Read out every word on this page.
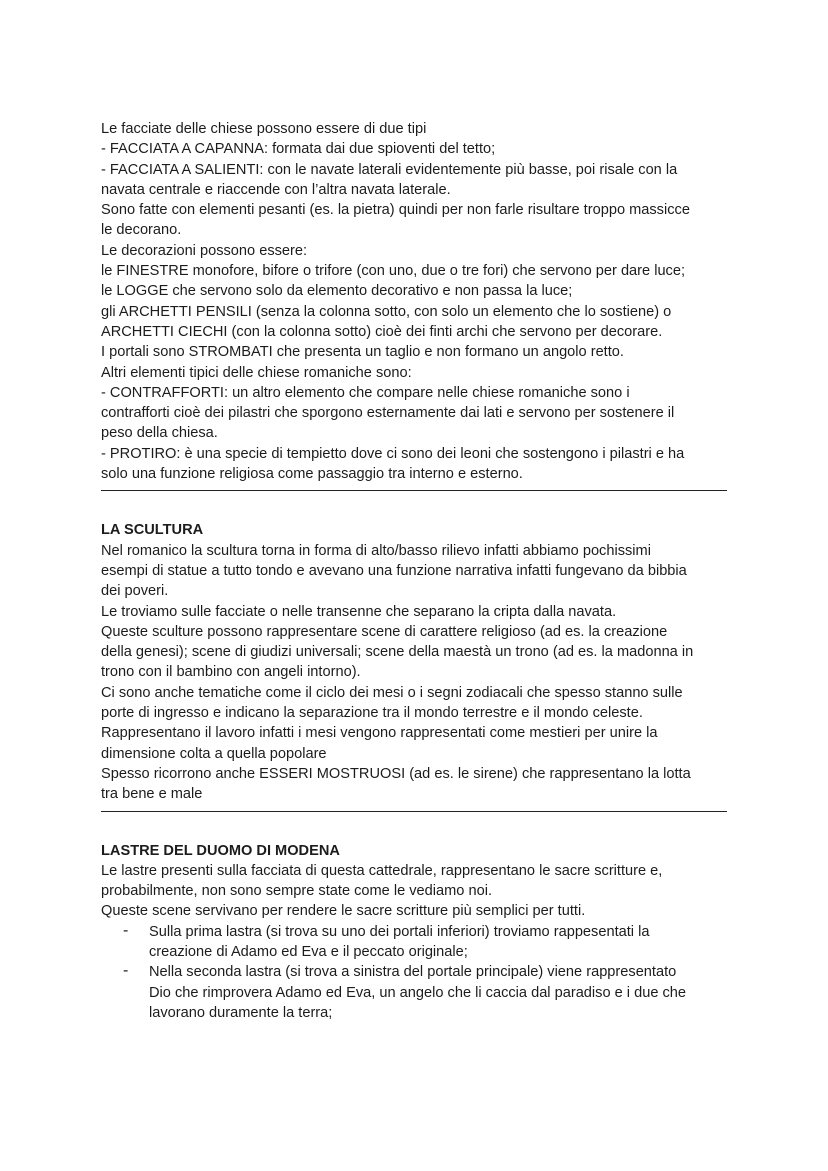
Le facciate delle chiese possono essere di due tipi
- FACCIATA A CAPANNA: formata dai due spioventi del tetto;
- FACCIATA A SALIENTI: con le navate laterali evidentemente più basse, poi risale con la
navata centrale e riaccende con l’altra navata laterale.
Sono fatte con elementi pesanti (es. la pietra) quindi per non farle risultare troppo massicce
le decorano.
Le decorazioni possono essere:
le FINESTRE monofore, bifore o trifore (con uno, due o tre fori) che servono per dare luce;
le LOGGE che servono solo da elemento decorativo e non passa la luce;
gli ARCHETTI PENSILI (senza la colonna sotto, con solo un elemento che lo sostiene) o
ARCHETTI CIECHI (con la colonna sotto) cioè dei finti archi che servono per decorare.
I portali sono STROMBATI che presenta un taglio e non formano un angolo retto.
Altri elementi tipici delle chiese romaniche sono:
- CONTRAFFORTI: un altro elemento che compare nelle chiese romaniche sono i
contrafforti cioè dei pilastri che sporgono esternamente dai lati e servono per sostenere il
peso della chiesa.
- PROTIRO: è una specie di tempietto dove ci sono dei leoni che sostengono i pilastri e ha
solo una funzione religiosa come passaggio tra interno e esterno.
LA SCULTURA
Nel romanico la scultura torna in forma di alto/basso rilievo infatti abbiamo pochissimi
esempi di statue a tutto tondo e avevano una funzione narrativa infatti fungevano da bibbia
dei poveri.
Le troviamo sulle facciate o nelle transenne che separano la cripta dalla navata.
Queste sculture possono rappresentare scene di carattere religioso (ad es. la creazione
della genesi); scene di giudizi universali; scene della maestà un trono (ad es. la madonna in
trono con il bambino con angeli intorno).
Ci sono anche tematiche come il ciclo dei mesi o i segni zodiacali che spesso stanno sulle
porte di ingresso e indicano la separazione tra il mondo terrestre e il mondo celeste.
Rappresentano il lavoro infatti i mesi vengono rappresentati come mestieri per unire la
dimensione colta a quella popolare
Spesso ricorrono anche ESSERI MOSTRUOSI (ad es. le sirene) che rappresentano la lotta
tra bene e male
LASTRE DEL DUOMO DI MODENA
Le lastre presenti sulla facciata di questa cattedrale, rappresentano le sacre scritture e,
probabilmente, non sono sempre state come le vediamo noi.
Queste scene servivano per rendere le sacre scritture più semplici per tutti.
- Sulla prima lastra (si trova su uno dei portali inferiori) troviamo rappesentati la
creazione di Adamo ed Eva e il peccato originale;
- Nella seconda lastra (si trova a sinistra del portale principale) viene rappresentato
Dio che rimprovera Adamo ed Eva, un angelo che li caccia dal paradiso e i due che
lavorano duramente la terra;
